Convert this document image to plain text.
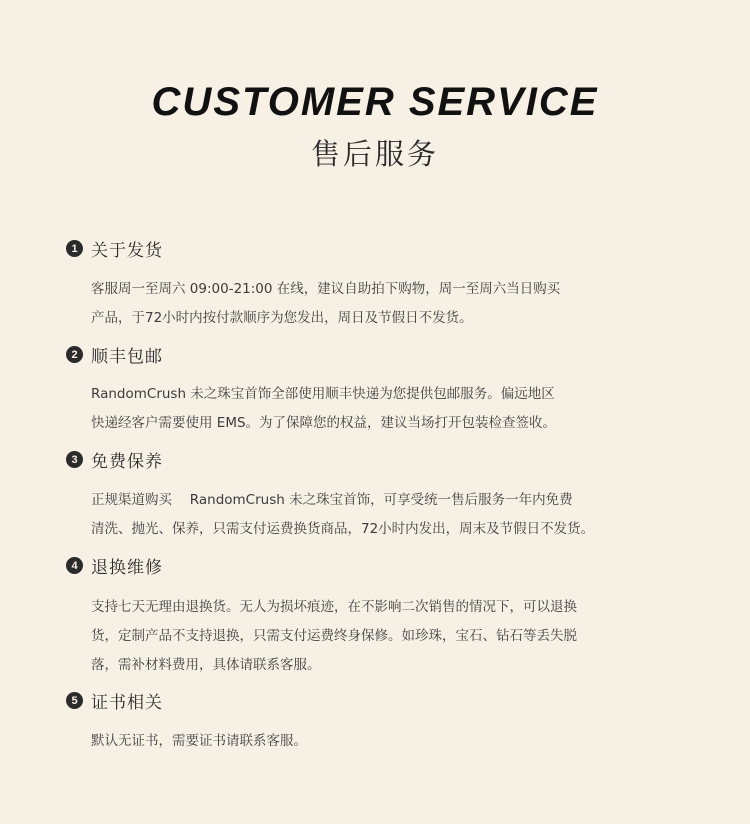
CUSTOMER SERVICE
售后服务
1 关于发货
客服周一至周六 09:00-21:00 在线，建议自助拍下购物，周一至周六当日购买
产品，于72小时内按付款顺序为您发出，周日及节假日不发货。
2 顺丰包邮
RandomCrush 未之珠宝首饰全部使用顺丰快递为您提供包邮服务。偏远地区
快递经客户需要使用 EMS。为了保障您的权益，建议当场打开包装检查签收。
3 免费保养
正规渠道购买　 RandomCrush 未之珠宝首饰，可享受统一售后服务一年内免费
清洗、抛光、保养，只需支付运费换货商品，72小时内发出，周末及节假日不发货。
4 退换维修
支持七天无理由退换货。无人为损坏痕迹，在不影响二次销售的情况下，可以退换
货，定制产品不支持退换，只需支付运费终身保修。如珍珠，宝石、钻石等丢失脱
落，需补材料费用，具体请联系客服。
5 证书相关
默认无证书，需要证书请联系客服。
